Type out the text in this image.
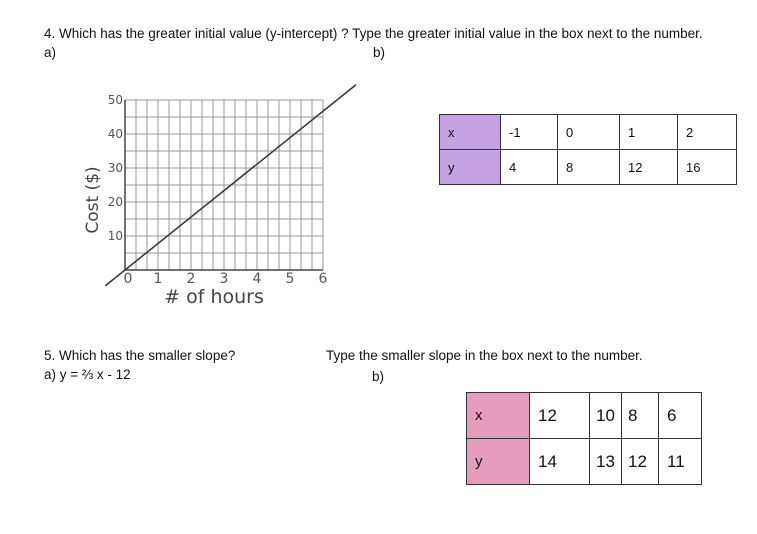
4. Which has the greater initial value (y-intercept) ? Type the greater initial value in the box next to the number.
a)	b)
0 1 2 3 4 5 6
10
20
30
40
50
# of hours
Cost ($)
x	-1	0	1	2
y	4	8	12	16
5. Which has the smaller slope?
a) y = ⅔ x - 12
Type the smaller slope in the box next to the number.
b)
x	12	10	8	6
y	14	13	12	11
